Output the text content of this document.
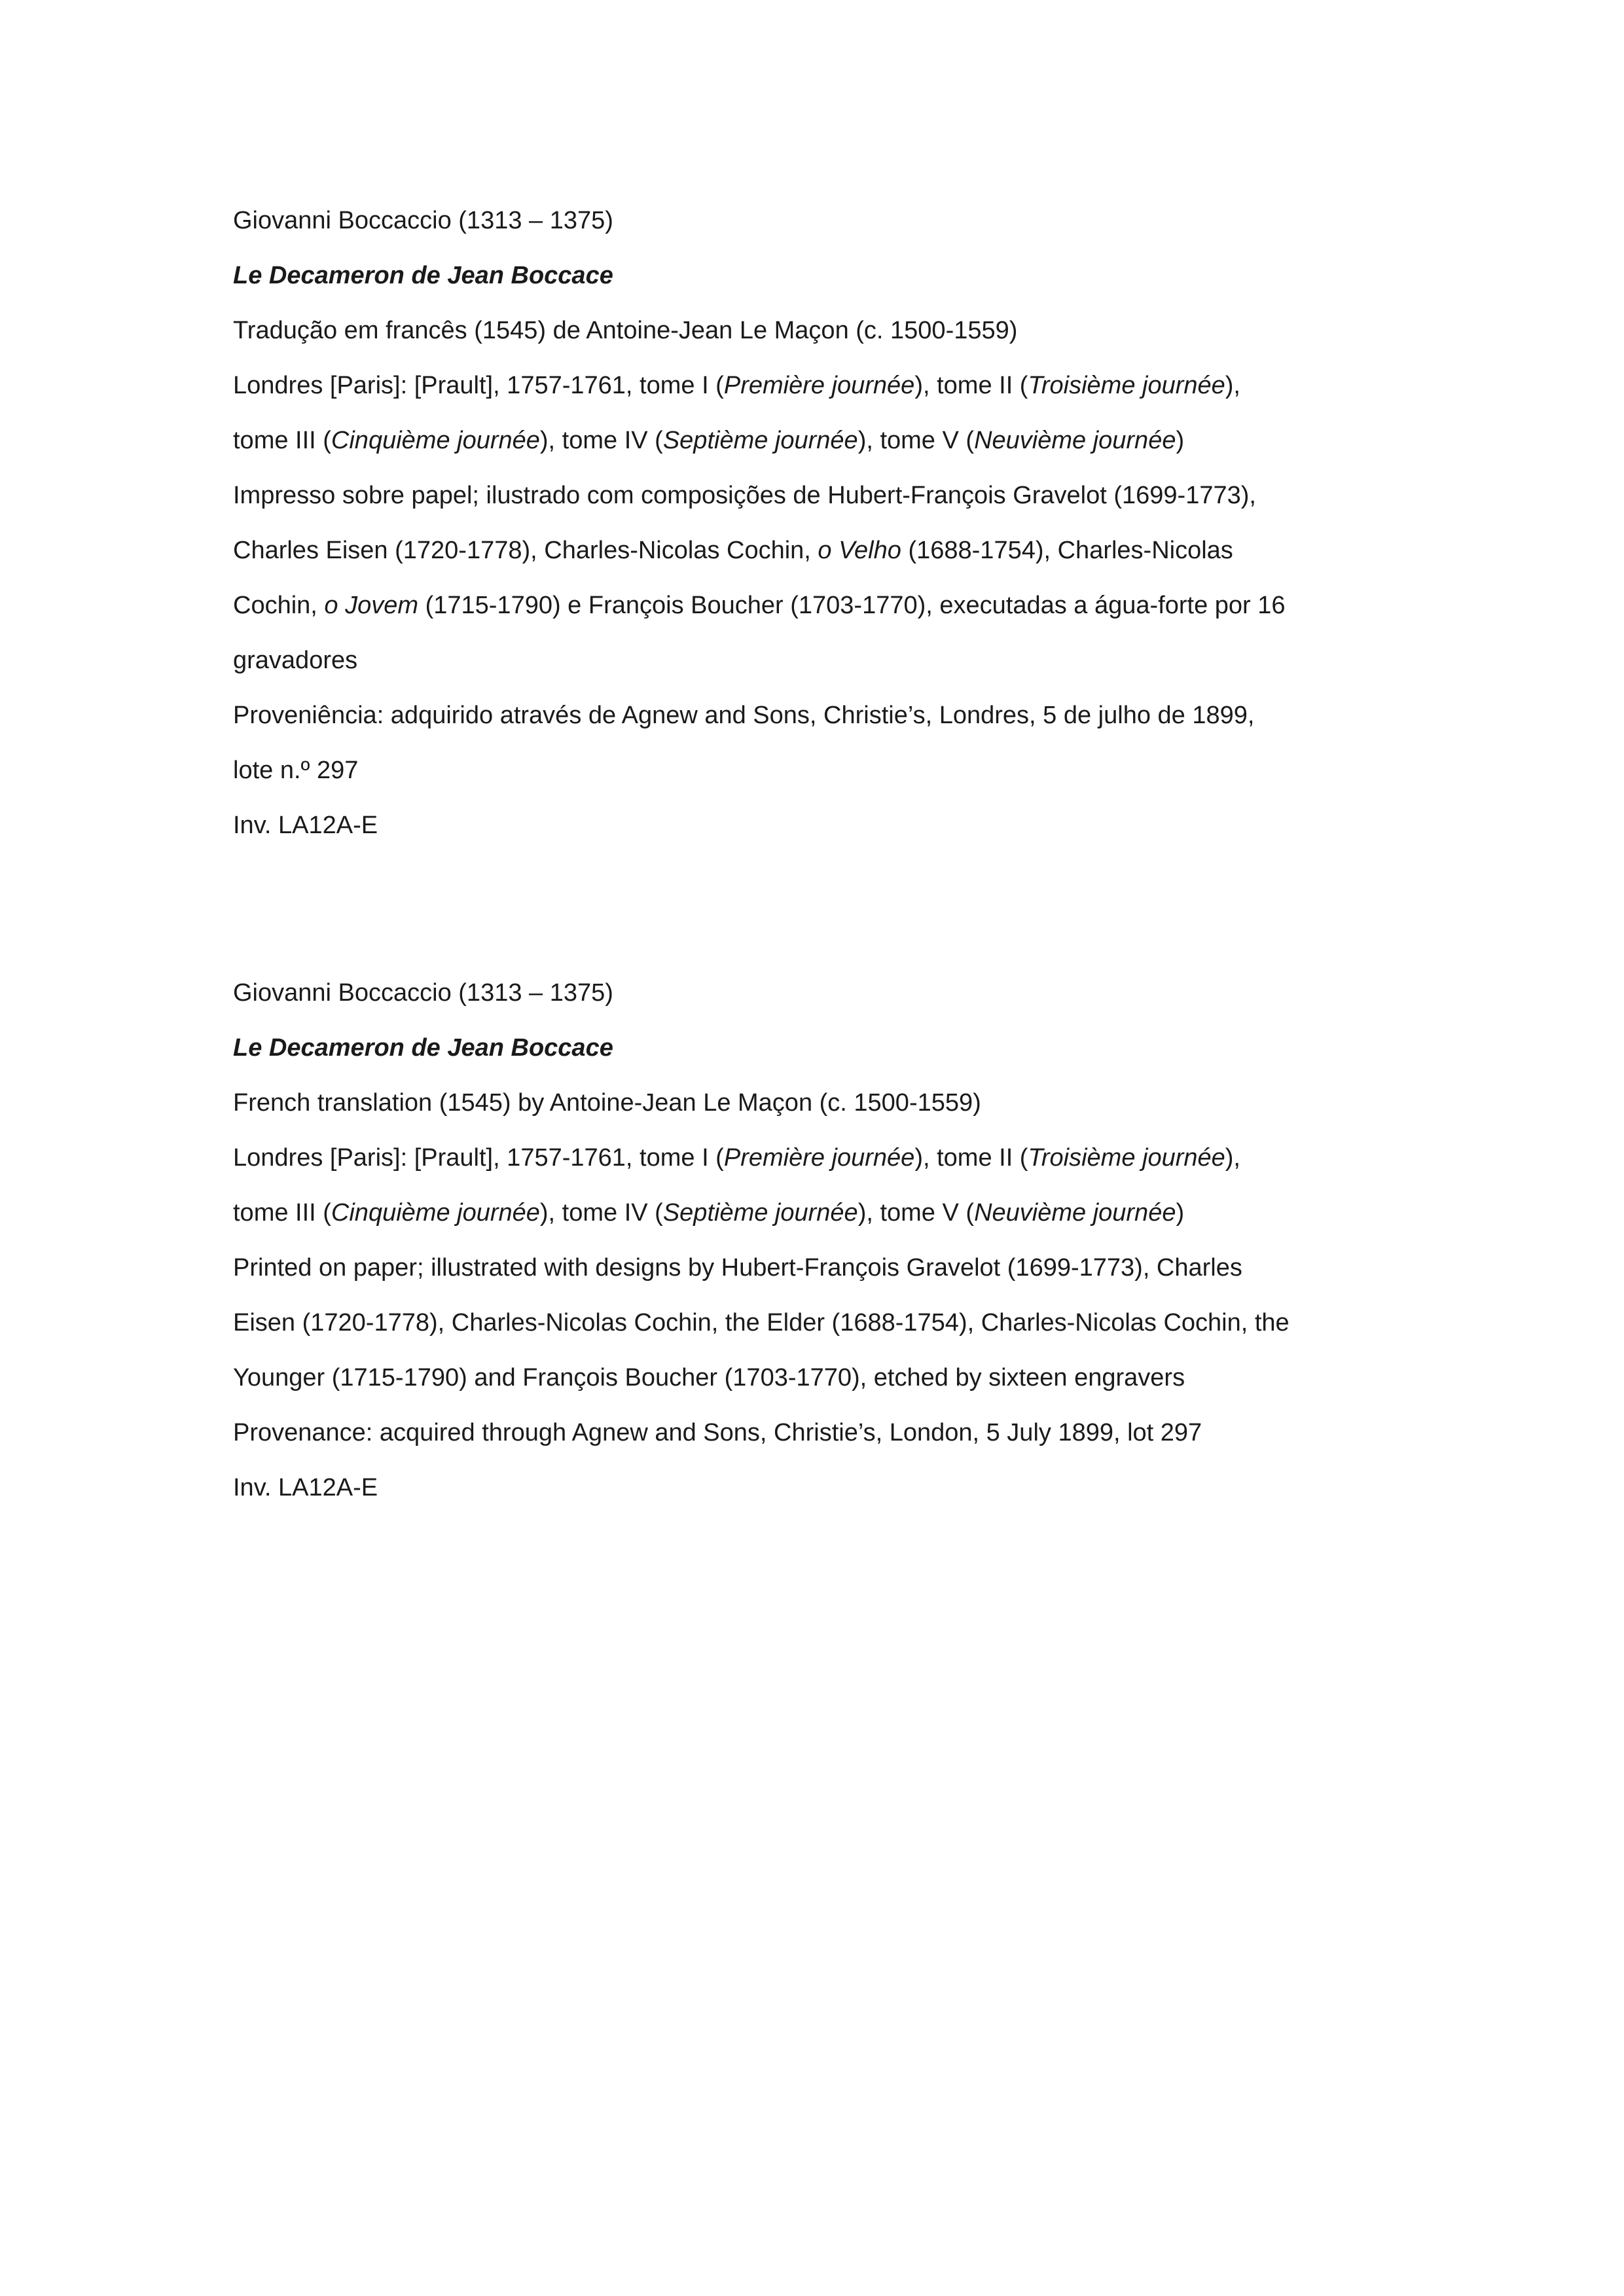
Giovanni Boccaccio (1313 – 1375)
Le Decameron de Jean Boccace
Tradução em francês (1545) de Antoine-Jean Le Maçon (c. 1500-1559)
Londres [Paris]: [Prault], 1757-1761, tome I (Première journée), tome II (Troisième journée),
tome III (Cinquième journée), tome IV (Septième journée), tome V (Neuvième journée)
Impresso sobre papel; ilustrado com composições de Hubert-François Gravelot (1699-1773),
Charles Eisen (1720-1778), Charles-Nicolas Cochin, o Velho (1688-1754), Charles-Nicolas
Cochin, o Jovem (1715-1790) e François Boucher (1703-1770), executadas a água-forte por 16
gravadores
Proveniência: adquirido através de Agnew and Sons, Christie’s, Londres, 5 de julho de 1899,
lote n.º 297
Inv. LA12A-E
Giovanni Boccaccio (1313 – 1375)
Le Decameron de Jean Boccace
French translation (1545) by Antoine-Jean Le Maçon (c. 1500-1559)
Londres [Paris]: [Prault], 1757-1761, tome I (Première journée), tome II (Troisième journée),
tome III (Cinquième journée), tome IV (Septième journée), tome V (Neuvième journée)
Printed on paper; illustrated with designs by Hubert-François Gravelot (1699-1773), Charles
Eisen (1720-1778), Charles-Nicolas Cochin, the Elder (1688-1754), Charles-Nicolas Cochin, the
Younger (1715-1790) and François Boucher (1703-1770), etched by sixteen engravers
Provenance: acquired through Agnew and Sons, Christie’s, London, 5 July 1899, lot 297
Inv. LA12A-E
